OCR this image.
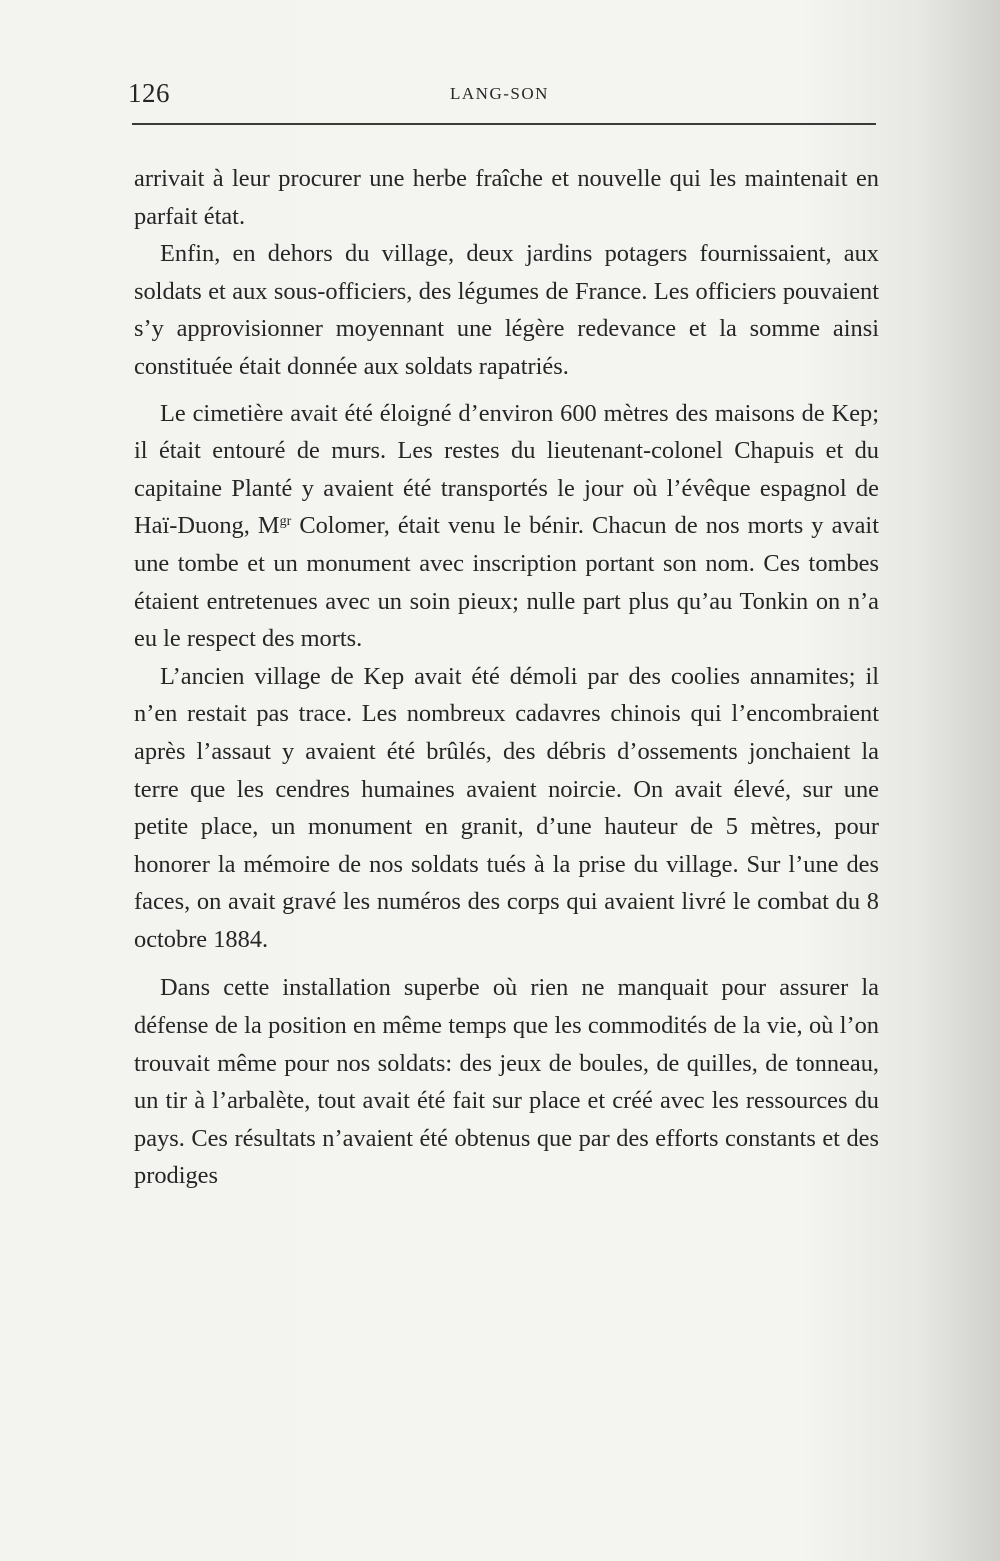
126	LANG-SON

arrivait à leur procurer une herbe fraîche et nouvelle qui les maintenait en parfait état.

Enfin, en dehors du village, deux jardins potagers fournissaient, aux soldats et aux sous-officiers, des légumes de France. Les officiers pouvaient s’y approvisionner moyennant une légère redevance et la somme ainsi constituée était donnée aux soldats rapatriés.

Le cimetière avait été éloigné d’environ 600 mètres des maisons de Kep; il était entouré de murs. Les restes du lieutenant-colonel Chapuis et du capitaine Planté y avaient été transportés le jour où l’évêque espagnol de Haï-Duong, $M^{gr}$ Colomer, était venu le bénir. Chacun de nos morts y avait une tombe et un monument avec inscription portant son nom. Ces tombes étaient entretenues avec un soin pieux; nulle part plus qu’au Tonkin on n’a eu le respect des morts.

L’ancien village de Kep avait été démoli par des coolies annamites; il n’en restait pas trace. Les nombreux cadavres chinois qui l’encombraient après l’assaut y avaient été brûlés, des débris d’ossements jonchaient la terre que les cendres humaines avaient noircie. On avait élevé, sur une petite place, un monument en granit, d’une hauteur de 5 mètres, pour honorer la mémoire de nos soldats tués à la prise du village. Sur l’une des faces, on avait gravé les numéros des corps qui avaient livré le combat du 8 octobre 1884.

Dans cette installation superbe où rien ne manquait pour assurer la défense de la position en même temps que les commodités de la vie, où l’on trouvait même pour nos soldats: des jeux de boules, de quilles, de tonneau, un tir à l’arbalète, tout avait été fait sur place et créé avec les ressources du pays. Ces résultats n’avaient été obtenus que par des efforts constants et des prodiges
